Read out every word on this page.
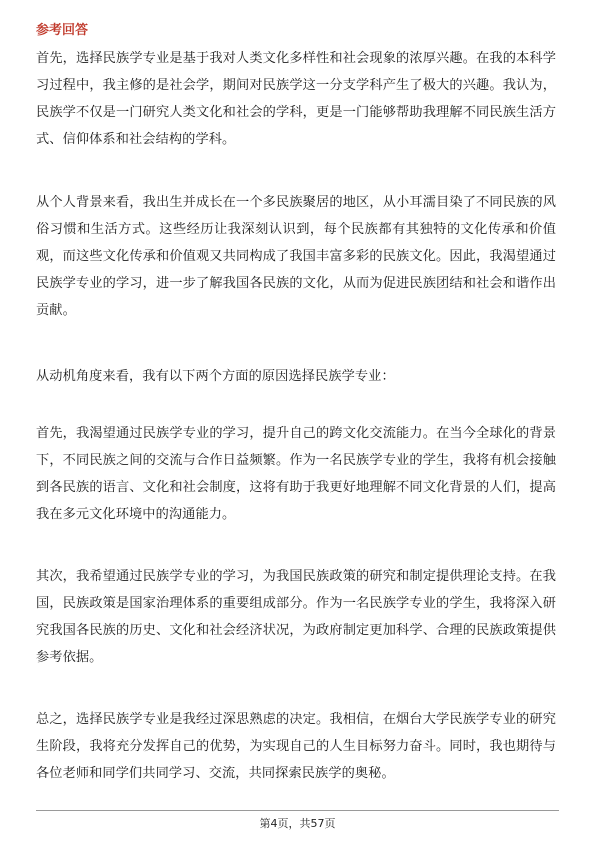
参考回答

首先，选择民族学专业是基于我对人类文化多样性和社会现象的浓厚兴趣。在我的本科学习过程中，我主修的是社会学，期间对民族学这一分支学科产生了极大的兴趣。我认为，民族学不仅是一门研究人类文化和社会的学科，更是一门能够帮助我理解不同民族生活方式、信仰体系和社会结构的学科。

从个人背景来看，我出生并成长在一个多民族聚居的地区，从小耳濡目染了不同民族的风俗习惯和生活方式。这些经历让我深刻认识到，每个民族都有其独特的文化传承和价值观，而这些文化传承和价值观又共同构成了我国丰富多彩的民族文化。因此，我渴望通过民族学专业的学习，进一步了解我国各民族的文化，从而为促进民族团结和社会和谐作出贡献。

从动机角度来看，我有以下两个方面的原因选择民族学专业：

首先，我渴望通过民族学专业的学习，提升自己的跨文化交流能力。在当今全球化的背景下，不同民族之间的交流与合作日益频繁。作为一名民族学专业的学生，我将有机会接触到各民族的语言、文化和社会制度，这将有助于我更好地理解不同文化背景的人们，提高我在多元文化环境中的沟通能力。

其次，我希望通过民族学专业的学习，为我国民族政策的研究和制定提供理论支持。在我国，民族政策是国家治理体系的重要组成部分。作为一名民族学专业的学生，我将深入研究我国各民族的历史、文化和社会经济状况，为政府制定更加科学、合理的民族政策提供参考依据。

总之，选择民族学专业是我经过深思熟虑的决定。我相信，在烟台大学民族学专业的研究生阶段，我将充分发挥自己的优势，为实现自己的人生目标努力奋斗。同时，我也期待与各位老师和同学们共同学习、交流，共同探索民族学的奥秘。

第4页，共57页
